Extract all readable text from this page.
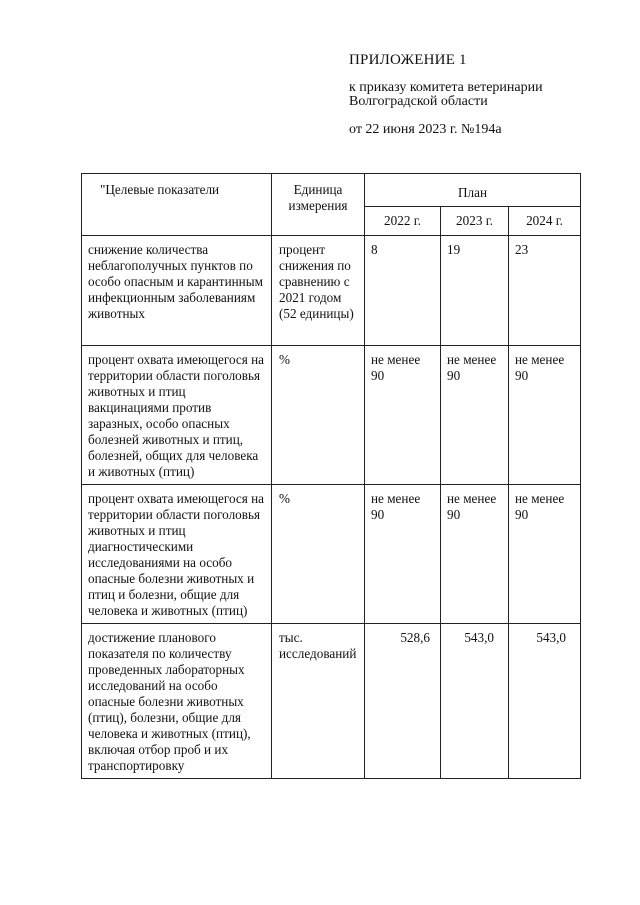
ПРИЛОЖЕНИЕ 1
к приказу комитета ветеринарии
Волгоградской области
от 22 июня 2023 г. №194а
"Целевые показатели	Единица измерения	План		
		2022 г.	2023 г.	2024 г.
снижение количества неблагополучных пунктов по особо опасным и карантинным инфекционным заболеваниям животных	процент снижения по сравнению с 2021 годом (52 единицы)	8	19	23
процент охвата имеющегося на территории области поголовья животных и птиц вакцинациями против заразных, особо опасных болезней животных и птиц, болезней, общих для человека и животных (птиц)	%	не менее 90	не менее 90	не менее 90
процент охвата имеющегося на территории области поголовья животных и птиц диагностическими исследованиями на особо опасные болезни животных и птиц и болезни, общие для человека и животных (птиц)	%	не менее 90	не менее 90	не менее 90
достижение планового показателя по количеству проведенных лабораторных исследований на особо опасные болезни животных (птиц), болезни, общие для человека и животных (птиц), включая отбор проб и их транспортировку	тыс. исследований	528,6	543,0	543,0
